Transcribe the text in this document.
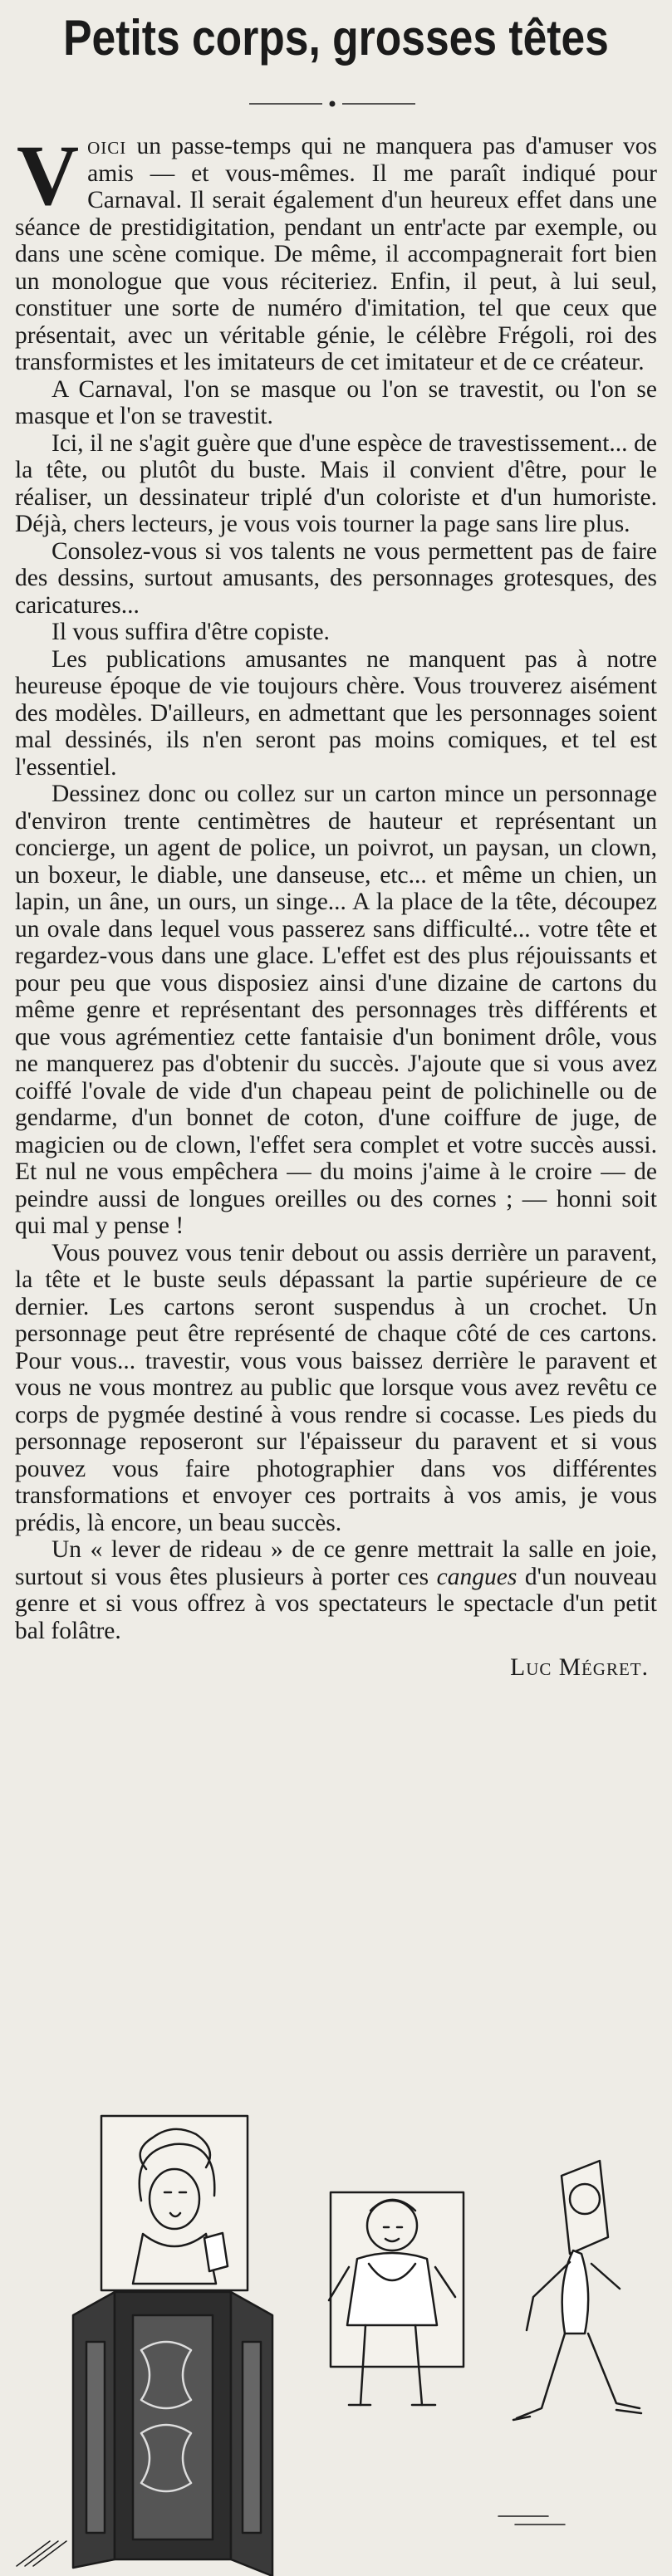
Petits corps, grosses têtes

Voici un passe-temps qui ne manquera pas d'amuser vos amis — et vous-mêmes. Il me paraît indiqué pour Carnaval. Il serait également d'un heureux effet dans une séance de prestidigitation, pendant un entr'acte par exemple, ou dans une scène comique. De même, il accompagnerait fort bien un monologue que vous réciteriez. Enfin, il peut, à lui seul, constituer une sorte de numéro d'imitation, tel que ceux que présentait, avec un véritable génie, le célèbre Frégoli, roi des transformistes et les imitateurs de cet imitateur et de ce créateur.

A Carnaval, l'on se masque ou l'on se travestit, ou l'on se masque et l'on se travestit.

Ici, il ne s'agit guère que d'une espèce de travestissement... de la tête, ou plutôt du buste. Mais il convient d'être, pour le réaliser, un dessinateur triplé d'un coloriste et d'un humoriste. Déjà, chers lecteurs, je vous vois tourner la page sans lire plus.

Consolez-vous si vos talents ne vous permettent pas de faire des dessins, surtout amusants, des personnages grotesques, des caricatures...

Il vous suffira d'être copiste.

Les publications amusantes ne manquent pas à notre heureuse époque de vie toujours chère. Vous trouverez aisément des modèles. D'ailleurs, en admettant que les personnages soient mal dessinés, ils n'en seront pas moins comiques, et tel est l'essentiel.

Dessinez donc ou collez sur un carton mince un personnage d'environ trente centimètres de hauteur et représentant un concierge, un agent de police, un poivrot, un paysan, un clown, un boxeur, le diable, une danseuse, etc... et même un chien, un lapin, un âne, un ours, un singe... A la place de la tête, découpez un ovale dans lequel vous passerez sans difficulté... votre tête et regardez-vous dans une glace. L'effet est des plus réjouissants et pour peu que vous disposiez ainsi d'une dizaine de cartons du même genre et représentant des personnages très différents et que vous agrémentiez cette fantaisie d'un boniment drôle, vous ne manquerez pas d'obtenir du succès. J'ajoute que si vous avez coiffé l'ovale de vide d'un chapeau peint de polichinelle ou de gendarme, d'un bonnet de coton, d'une coiffure de juge, de magicien ou de clown, l'effet sera complet et votre succès aussi. Et nul ne vous empêchera — du moins j'aime à le croire — de peindre aussi de longues oreilles ou des cornes ; — honni soit qui mal y pense !

Vous pouvez vous tenir debout ou assis derrière un paravent, la tête et le buste seuls dépassant la partie supérieure de ce dernier. Les cartons seront suspendus à un crochet. Un personnage peut être représenté de chaque côté de ces cartons. Pour vous... travestir, vous vous baissez derrière le paravent et vous ne vous montrez au public que lorsque vous avez revêtu ce corps de pygmée destiné à vous rendre si cocasse. Les pieds du personnage reposeront sur l'épaisseur du paravent et si vous pouvez vous faire photographier dans vos différentes transformations et envoyer ces portraits à vos amis, je vous prédis, là encore, un beau succès.

Un « lever de rideau » de ce genre mettrait la salle en joie, surtout si vous êtes plusieurs à porter ces cangues d'un nouveau genre et si vous offrez à vos spectateurs le spectacle d'un petit bal folâtre.

Luc Mégret.
